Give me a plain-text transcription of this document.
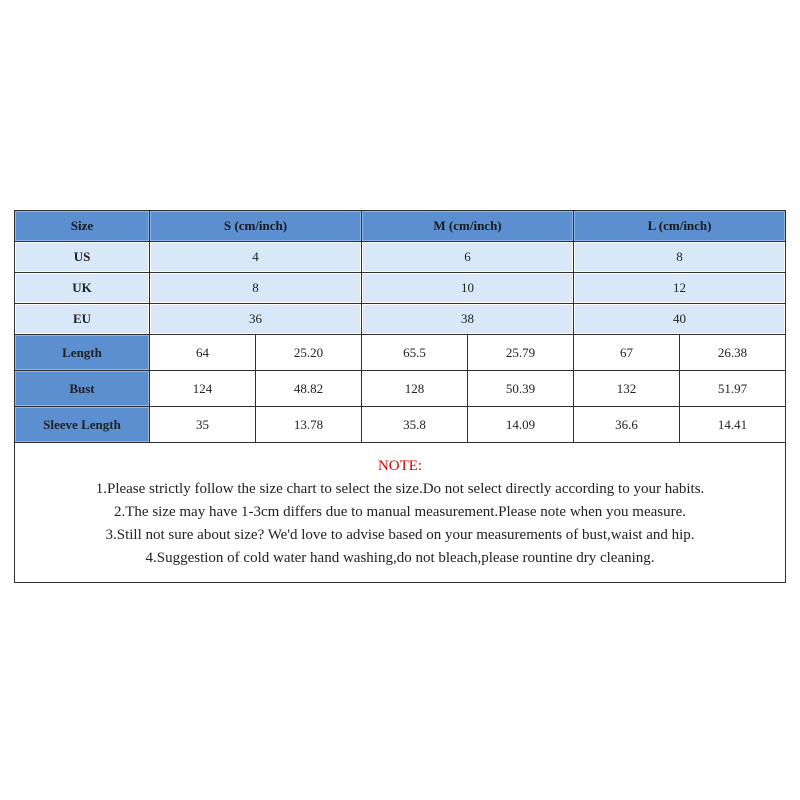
Size	S (cm/inch)		M (cm/inch)		L (cm/inch)	
US	4		6		8	
UK	8		10		12	
EU	36		38		40	
Length	64	25.20	65.5	25.79	67	26.38
Bust	124	48.82	128	50.39	132	51.97
Sleeve Length	35	13.78	35.8	14.09	36.6	14.41

NOTE:
1.Please strictly follow the size chart to select the size.Do not select directly according to your habits.
2.The size may have 1-3cm differs due to manual measurement.Please note when you measure.
3.Still not sure about size? We'd love to advise based on your measurements of bust,waist and hip.
4.Suggestion of cold water hand washing,do not bleach,please rountine dry cleaning.						
